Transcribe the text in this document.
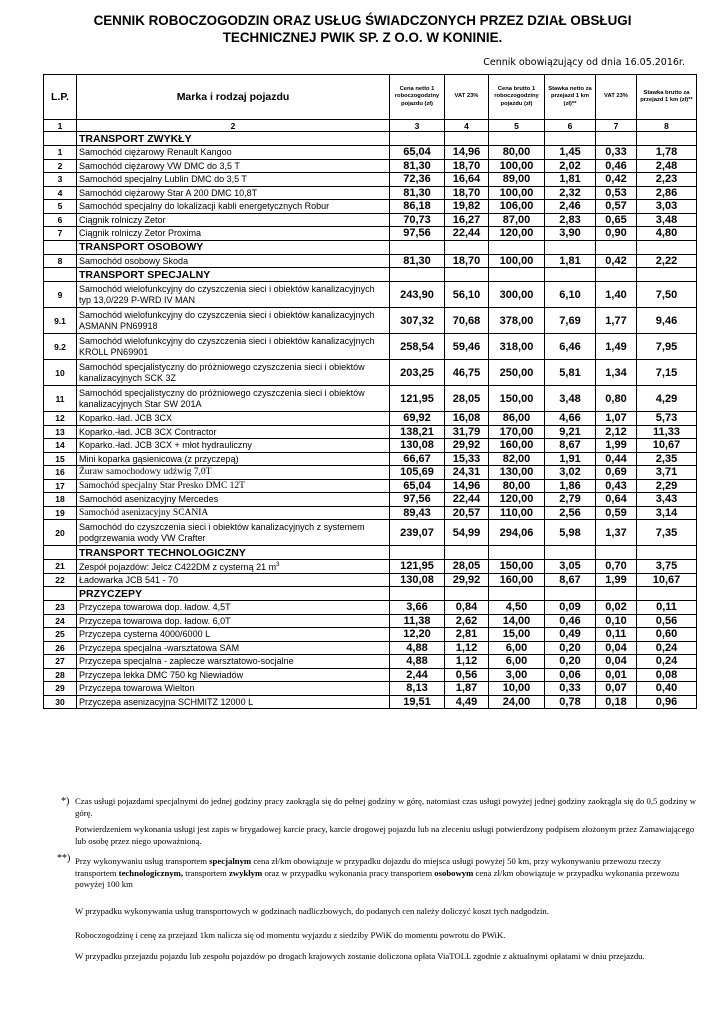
CENNIK ROBOCZOGODZIN ORAZ USŁUG ŚWIADCZONYCH PRZEZ DZIAŁ OBSŁUGI
TECHNICZNEJ PWIK SP. Z O.O. W KONINIE.
Cennik obowiązujący od dnia 16.05.2016r.
L.P.	Marka i rodzaj pojazdu	Cena netto 1 roboczogodziny pojazdu (zł)	VAT 23%	Cena brutto 1 roboczogodziny pojazdu (zł)	Stawka netto za przejazd 1 km (zł)**	VAT 23%	Stawka brutto za przejazd 1 km (zł)**
1	2	3	4	5	6	7	8
	TRANSPORT ZWYKŁY						
1	Samochód ciężarowy Renault Kangoo	65,04	14,96	80,00	1,45	0,33	1,78
2	Samochód ciężarowy VW DMC do 3,5 T	81,30	18,70	100,00	2,02	0,46	2,48
3	Samochód specjalny Lublin DMC do 3,5 T	72,36	16,64	89,00	1,81	0,42	2,23
4	Samochód ciężarowy Star A 200 DMC 10,8T	81,30	18,70	100,00	2,32	0,53	2,86
5	Samochód specjalny do lokalizacji kabli energetycznych Robur	86,18	19,82	106,00	2,46	0,57	3,03
6	Ciągnik rolniczy Zetor	70,73	16,27	87,00	2,83	0,65	3,48
7	Ciągnik rolniczy Zetor Proxima	97,56	22,44	120,00	3,90	0,90	4,80
	TRANSPORT OSOBOWY						
8	Samochód osobowy Skoda	81,30	18,70	100,00	1,81	0,42	2,22
	TRANSPORT SPECJALNY						
9	Samochód wielofunkcyjny do czyszczenia sieci i obiektów kanalizacyjnych typ 13,0/229 P-WRD IV MAN	243,90	56,10	300,00	6,10	1,40	7,50
9.1	Samochód wielofunkcyjny do czyszczenia sieci i obiektów kanalizacyjnych ASMANN PN69918	307,32	70,68	378,00	7,69	1,77	9,46
9.2	Samochód wielofunkcyjny do czyszczenia sieci i obiektów kanalizacyjnych KROLL PN69901	258,54	59,46	318,00	6,46	1,49	7,95
10	Samochód specjalistyczny do próżniowego czyszczenia sieci i obiektów kanalizacyjnych SCK 3Z	203,25	46,75	250,00	5,81	1,34	7,15
11	Samochód specjalistyczny do próżniowego czyszczenia sieci i obiektów kanalizacyjnych Star SW 201A	121,95	28,05	150,00	3,48	0,80	4,29
12	Koparko.-ład. JCB 3CX	69,92	16,08	86,00	4,66	1,07	5,73
13	Koparko.-ład. JCB 3CX Contractor	138,21	31,79	170,00	9,21	2,12	11,33
14	Koparko.-ład. JCB 3CX + młot hydrauliczny	130,08	29,92	160,00	8,67	1,99	10,67
15	Mini koparka gąsienicowa (z przyczepą)	66,67	15,33	82,00	1,91	0,44	2,35
16	Żuraw samochodowy udźwig 7,0T	105,69	24,31	130,00	3,02	0,69	3,71
17	Samochód specjalny Star Presko DMC 12T	65,04	14,96	80,00	1,86	0,43	2,29
18	Samochód asenizacyjny Mercedes	97,56	22,44	120,00	2,79	0,64	3,43
19	Samochód asenizacyjny SCANIA	89,43	20,57	110,00	2,56	0,59	3,14
20	Samochód do czyszczenia sieci i obiektów kanalizacyjnych z systemem podgrzewania wody VW Crafter	239,07	54,99	294,06	5,98	1,37	7,35
	TRANSPORT TECHNOLOGICZNY						
21	Zespół pojazdów: Jelcz C422DM z cysterną 21 $m^3$	121,95	28,05	150,00	3,05	0,70	3,75
22	Ładowarka JCB 541 - 70	130,08	29,92	160,00	8,67	1,99	10,67
	PRZYCZEPY						
23	Przyczepa towarowa dop. ładow. 4,5T	3,66	0,84	4,50	0,09	0,02	0,11
24	Przyczepa towarowa dop. ładow. 6,0T	11,38	2,62	14,00	0,46	0,10	0,56
25	Przyczepa cysterna 4000/6000 L	12,20	2,81	15,00	0,49	0,11	0,60
26	Przyczepa specjalna -warsztatowa SAM	4,88	1,12	6,00	0,20	0,04	0,24
27	Przyczepa specjalna - zaplecze warsztatowo-socjalne	4,88	1,12	6,00	0,20	0,04	0,24
28	Przyczepa lekka DMC 750 kg Niewiadów	2,44	0,56	3,00	0,06	0,01	0,08
29	Przyczepa towarowa Wielton	8,13	1,87	10,00	0,33	0,07	0,40
30	Przyczepa asenizacyjna SCHMITZ 12000 L	19,51	4,49	24,00	0,78	0,18	0,96
*) Czas usługi pojazdami specjalnymi do jednej godziny pracy zaokrągla się do pełnej godziny w górę, natomiast czas usługi powyżej jednej godziny zaokrągla się do 0,5 godziny w górę.

Potwierdzeniem wykonania usługi jest zapis w brygadowej karcie pracy, karcie drogowej pojazdu lub na zleceniu usługi potwierdzony podpisem złożonym przez Zamawiającego lub osobę przez niego upoważnioną.

**) Przy wykonywaniu usług transportem specjalnym cena zł/km obowiązuje w przypadku dojazdu do miejsca usługi powyżej 50 km, przy wykonywaniu przewozu rzeczy transportem technologicznym, transportem zwykłym oraz w przypadku wykonania pracy transportem osobowym cena zł/km obowiązuje w przypadku wykonania przewozu powyżej 100 km

W przypadku wykonywania usług transportowych w godzinach nadliczbowych, do podanych cen należy doliczyć koszt tych nadgodzin.

Roboczogodzinę i cenę za przejazd 1km nalicza się od momentu wyjazdu z siedziby PWiK do momentu powrotu do PWiK.

W przypadku przejazdu pojazdu lub zespołu pojazdów po drogach krajowych zostanie doliczona opłata ViaTOLL zgodnie z aktualnymi opłatami w dniu przejazdu.
